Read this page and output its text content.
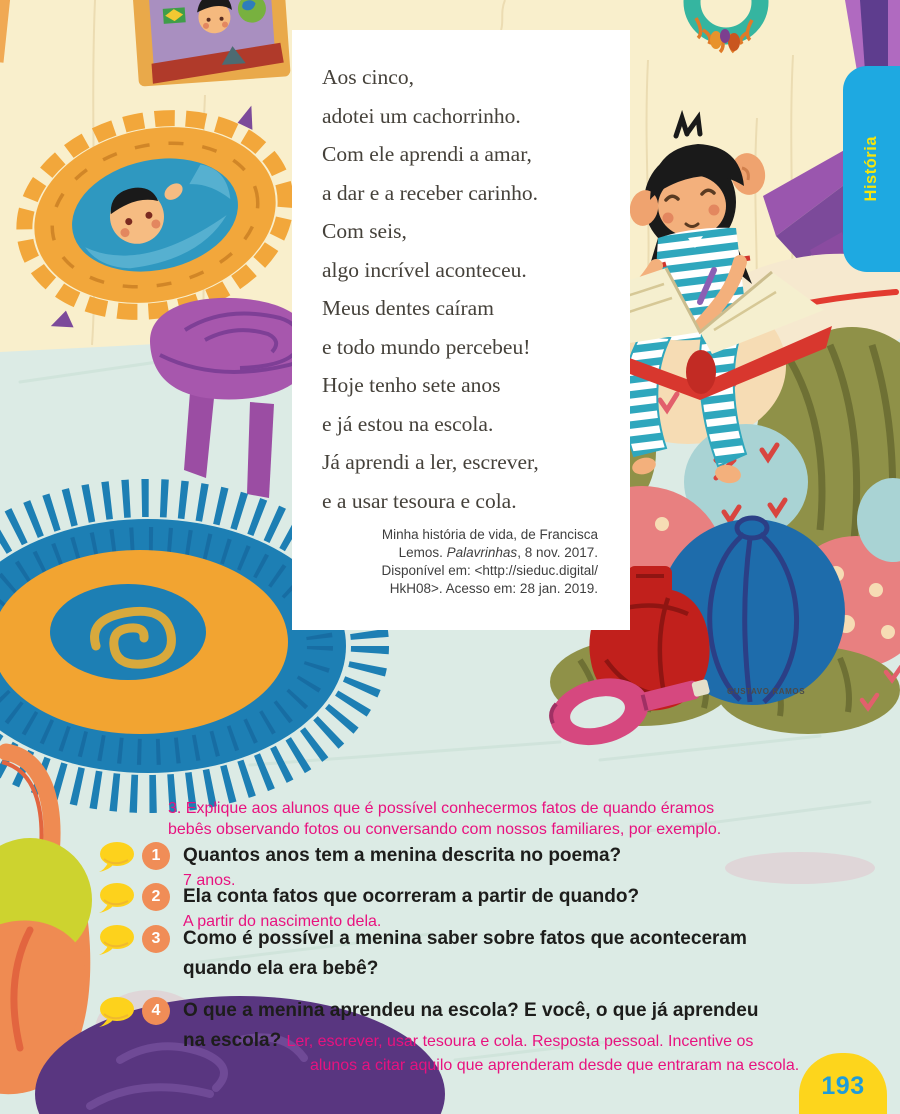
Aos cinco,
adotei um cachorrinho.
Com ele aprendi a amar,
a dar e a receber carinho.
Com seis,
algo incrível aconteceu.
Meus dentes caíram
e todo mundo percebeu!
Hoje tenho sete anos
e já estou na escola.
Já aprendi a ler, escrever,
e a usar tesoura e cola.
Minha história de vida, de Francisca
Lemos. Palavrinhas, 8 nov. 2017.
Disponível em: <http://sieduc.digital/
HkH08>. Acesso em: 28 jan. 2019.
História
GUSTAVO RAMOS
3. Explique aos alunos que é possível conhecermos fatos de quando éramos
bebês observando fotos ou conversando com nossos familiares, por exemplo.
1 Quantos anos tem a menina descrita no poema?
7 anos.
2 Ela conta fatos que ocorreram a partir de quando?
A partir do nascimento dela.
3 Como é possível a menina saber sobre fatos que aconteceram
quando ela era bebê?
4 O que a menina aprendeu na escola? E você, o que já aprendeu
na escola? Ler, escrever, usar tesoura e cola. Resposta pessoal. Incentive os
alunos a citar aquilo que aprenderam desde que entraram na escola.
193
